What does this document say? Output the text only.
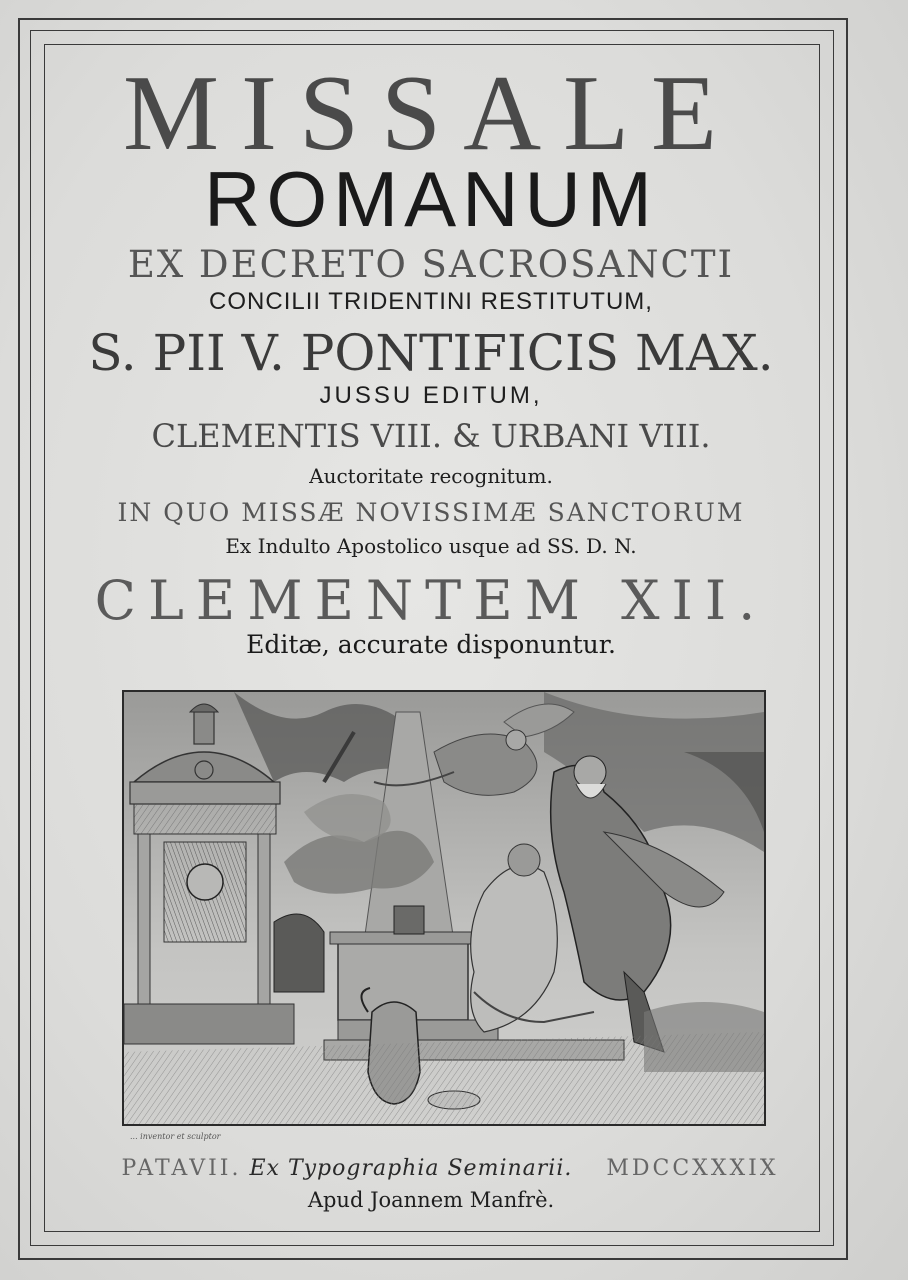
MISSALE
ROMANUM
EX DECRETO SACROSANCTI
CONCILII TRIDENTINI RESTITUTUM,
S. PII V. PONTIFICIS MAX.
JUSSU EDITUM,
CLEMENTIS VIII. & URBANI VIII.
Auctoritate recognitum.
IN QUO MISSÆ NOVISSIMÆ SANCTORUM
Ex Indulto Apostolico usque ad SS. D. N.
CLEMENTEM XII.
Editæ, accurate disponuntur.
... inventor et sculptor
PATAVII. Ex Typographia Seminarii. MDCCXXXIX
Apud Joannem Manfrè.
